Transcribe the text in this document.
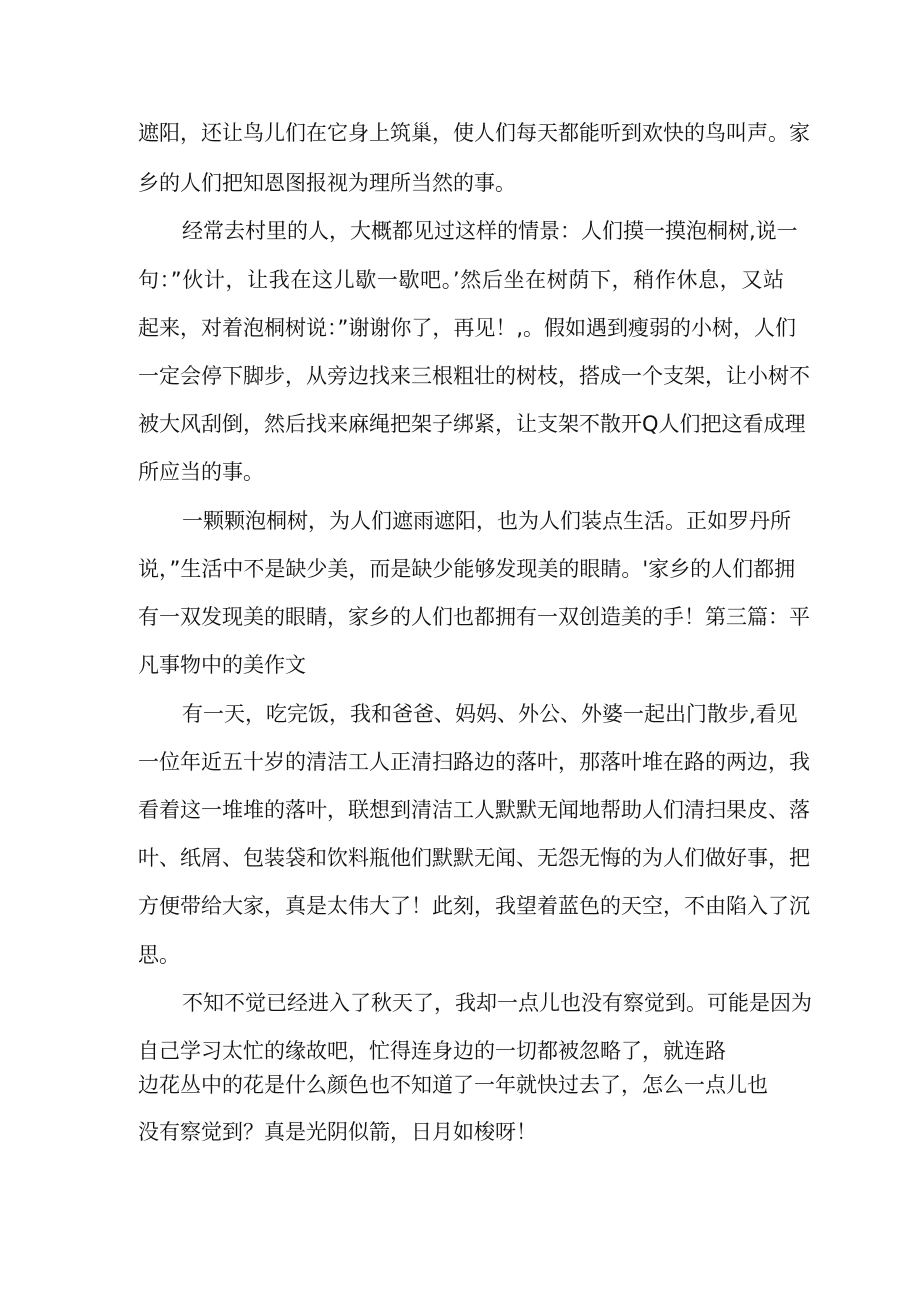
遮阳，还让鸟儿们在它身上筑巢，使人们每天都能听到欢快的鸟叫声。家
乡的人们把知恩图报视为理所当然的事。
经常去村里的人，大概都见过这样的情景：人们摸一摸泡桐树,说一
句：”伙计，让我在这儿歇一歇吧。’然后坐在树荫下，稍作休息，又站
起来，对着泡桐树说：”谢谢你了，再见！,。假如遇到瘦弱的小树，人们
一定会停下脚步，从旁边找来三根粗壮的树枝，搭成一个支架，让小树不
被大风刮倒，然后找来麻绳把架子绑紧，让支架不散开Q人们把这看成理
所应当的事。
一颗颗泡桐树，为人们遮雨遮阳，也为人们装点生活。正如罗丹所
说，”生活中不是缺少美，而是缺少能够发现美的眼睛。'家乡的人们都拥
有一双发现美的眼睛，家乡的人们也都拥有一双创造美的手！第三篇：平
凡事物中的美作文
有一天，吃完饭，我和爸爸、妈妈、外公、外婆一起出门散步,看见
一位年近五十岁的清洁工人正清扫路边的落叶，那落叶堆在路的两边，我
看着这一堆堆的落叶，联想到清洁工人默默无闻地帮助人们清扫果皮、落
叶、纸屑、包装袋和饮料瓶他们默默无闻、无怨无悔的为人们做好事，把
方便带给大家，真是太伟大了！此刻，我望着蓝色的天空，不由陷入了沉
思。
不知不觉已经进入了秋天了，我却一点儿也没有察觉到。可能是因为
自己学习太忙的缘故吧，忙得连身边的一切都被忽略了，就连路
边花丛中的花是什么颜色也不知道了一年就快过去了，怎么一点儿也
没有察觉到？真是光阴似箭，日月如梭呀！
